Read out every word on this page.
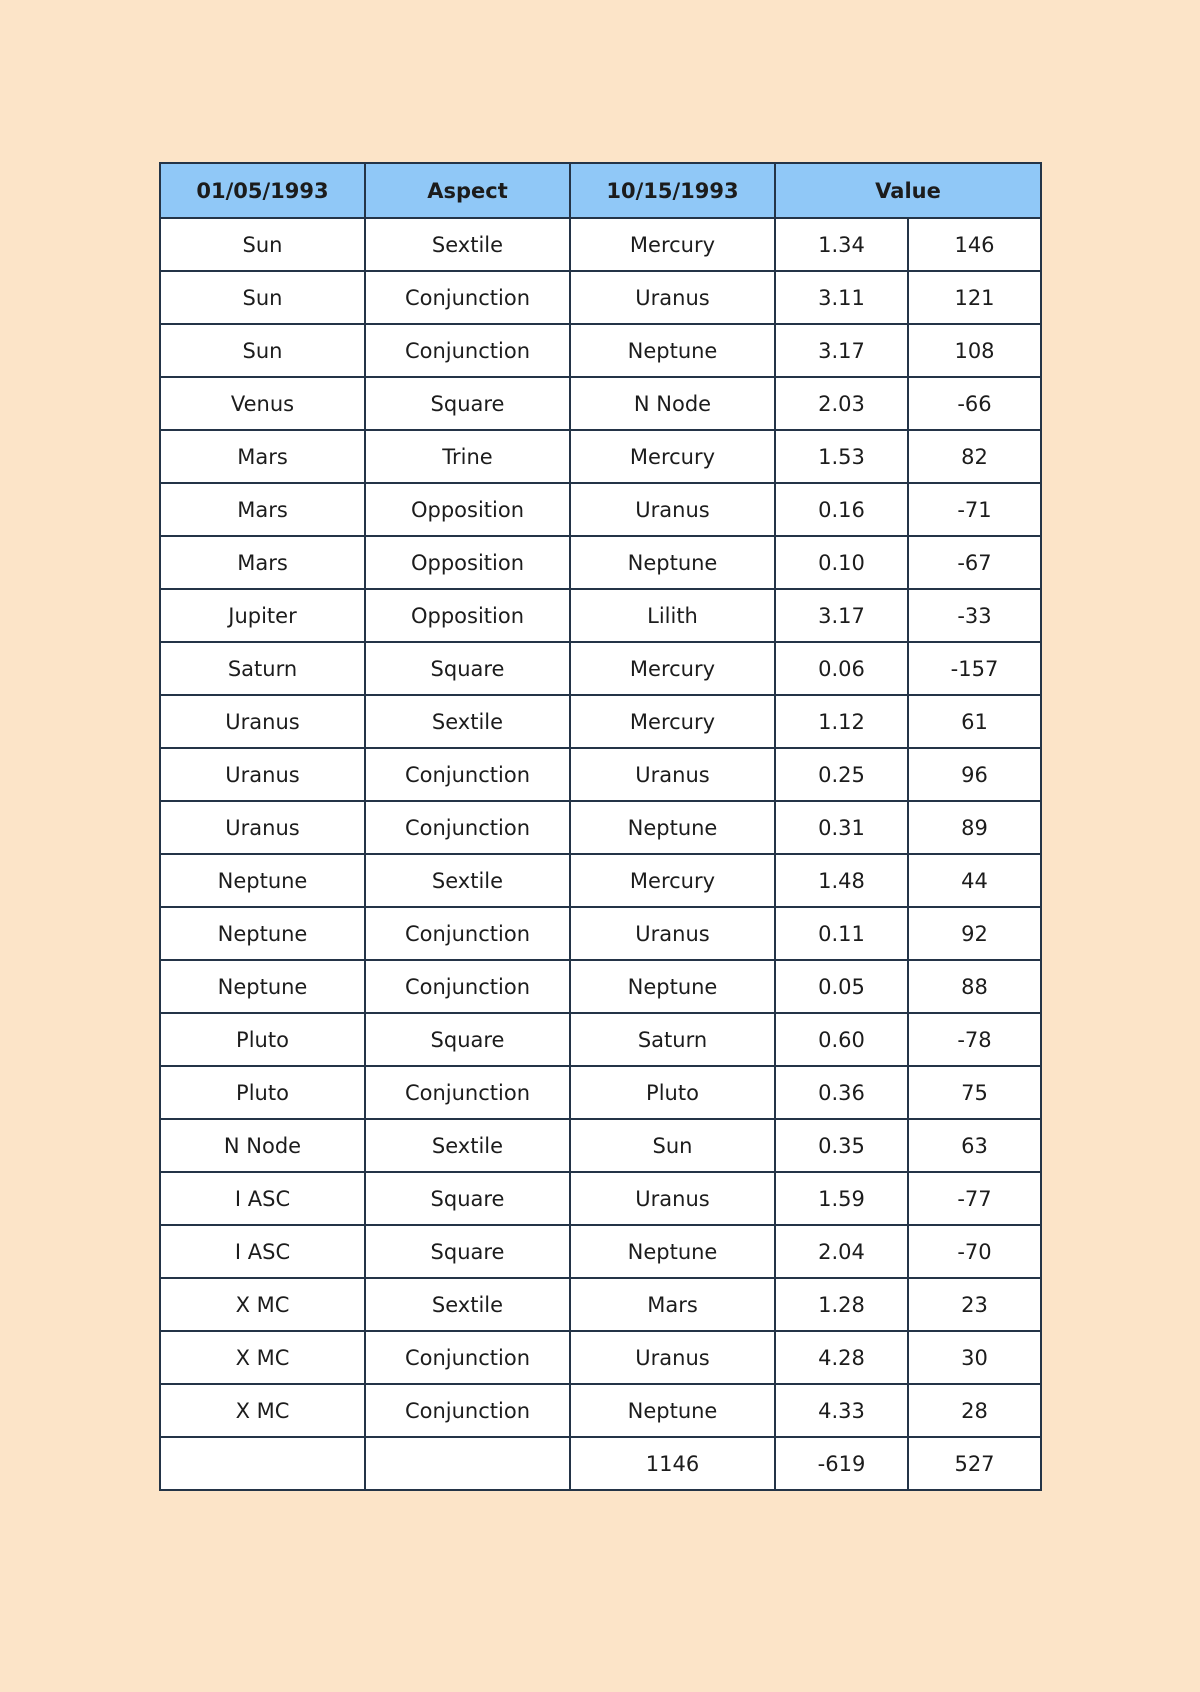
01/05/1993	Aspect	10/15/1993	Value	
Sun	Sextile	Mercury	1.34	146
Sun	Conjunction	Uranus	3.11	121
Sun	Conjunction	Neptune	3.17	108
Venus	Square	N Node	2.03	-66
Mars	Trine	Mercury	1.53	82
Mars	Opposition	Uranus	0.16	-71
Mars	Opposition	Neptune	0.10	-67
Jupiter	Opposition	Lilith	3.17	-33
Saturn	Square	Mercury	0.06	-157
Uranus	Sextile	Mercury	1.12	61
Uranus	Conjunction	Uranus	0.25	96
Uranus	Conjunction	Neptune	0.31	89
Neptune	Sextile	Mercury	1.48	44
Neptune	Conjunction	Uranus	0.11	92
Neptune	Conjunction	Neptune	0.05	88
Pluto	Square	Saturn	0.60	-78
Pluto	Conjunction	Pluto	0.36	75
N Node	Sextile	Sun	0.35	63
I ASC	Square	Uranus	1.59	-77
I ASC	Square	Neptune	2.04	-70
X MC	Sextile	Mars	1.28	23
X MC	Conjunction	Uranus	4.28	30
X MC	Conjunction	Neptune	4.33	28
		1146	-619	527
